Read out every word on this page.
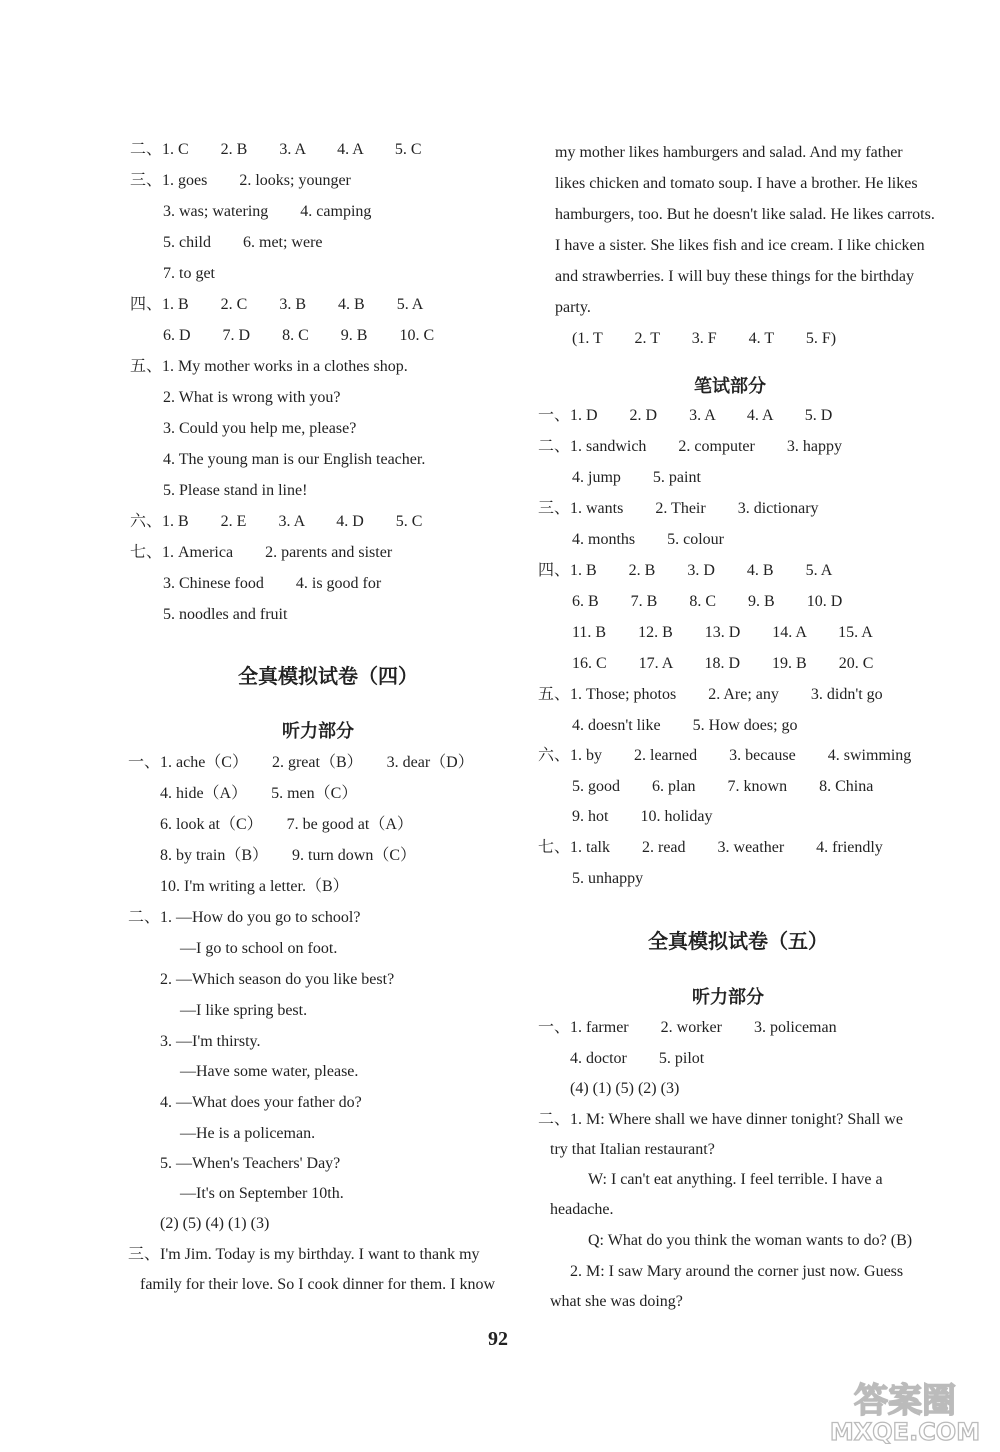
二、1. C　　2. B　　3. A　　4. A　　5. C
三、1. goes　　2. looks; younger
3. was; watering　　4. camping
5. child　　6. met; were
7. to get
四、1. B　　2. C　　3. B　　4. B　　5. A
6. D　　7. D　　8. C　　9. B　　10. C
五、1. My mother works in a clothes shop.
2. What is wrong with you?
3. Could you help me, please?
4. The young man is our English teacher.
5. Please stand in line!
六、1. B　　2. E　　3. A　　4. D　　5. C
七、1. America　　2. parents and sister
3. Chinese food　　4. is good for
5. noodles and fruit
一、 1. ache（C）　　2. great（B）　　3. dear（D）
4. hide（A）　　5. men（C）
6. look at（C）　　7. be good at（A）
8. by train（B）　　9. turn down（C）
10. I'm writing a letter.（B）
二、1. —How do you go to school?
—I go to school on foot.
2. —Which season do you like best?
—I like spring best.
3. —I'm thirsty.
—Have some water, please.
4. —What does your father do?
—He is a policeman.
5. —When's Teachers' Day?
—It's on September 10th.
(2) (5) (4) (1) (3)
三、I'm Jim. Today is my birthday. I want to thank my
family for their love. So I cook dinner for them. I know
全真模拟试卷（四）
听力部分
my mother likes hamburgers and salad. And my father
likes chicken and tomato soup. I have a brother. He likes
hamburgers, too. But he doesn't like salad. He likes carrots.
I have a sister. She likes fish and ice cream. I like chicken
and strawberries. I will buy these things for the birthday
party.
(1. T　　2. T　　3. F　　4. T　　5. F)
一、1. D　　2. D　　3. A　　4. A　　5. D
二、1. sandwich　　2. computer　　3. happy
4. jump　　5. paint
三、1. wants　　2. Their　　3. dictionary
4. months　　5. colour
四、1. B　　2. B　　3. D　　4. B　　5. A
6. B　　7. B　　8. C　　9. B　　10. D
11. B　　12. B　　13. D　　14. A　　15. A
16. C　　17. A　　18. D　　19. B　　20. C
五、1. Those; photos　　2. Are; any　　3. didn't go
4. doesn't like　　5. How does; go
六、1. by　　2. learned　　3. because　　4. swimming
5. good　　6. plan　　7. known　　8. China
9. hot　　10. holiday
七、1. talk　　2. read　　3. weather　　4. friendly
5. unhappy
一、1. farmer　　2. worker　　3. policeman
4. doctor　　5. pilot
(4) (1) (5) (2) (3)
二、1. M: Where shall we have dinner tonight? Shall we
try that Italian restaurant?
W: I can't eat anything. I feel terrible. I have a
headache.
Q: What do you think the woman wants to do? (B)
2. M: I saw Mary around the corner just now. Guess
what she was doing?
笔试部分
全真模拟试卷（五）
听力部分
92
答案圈
MXQE.COM
